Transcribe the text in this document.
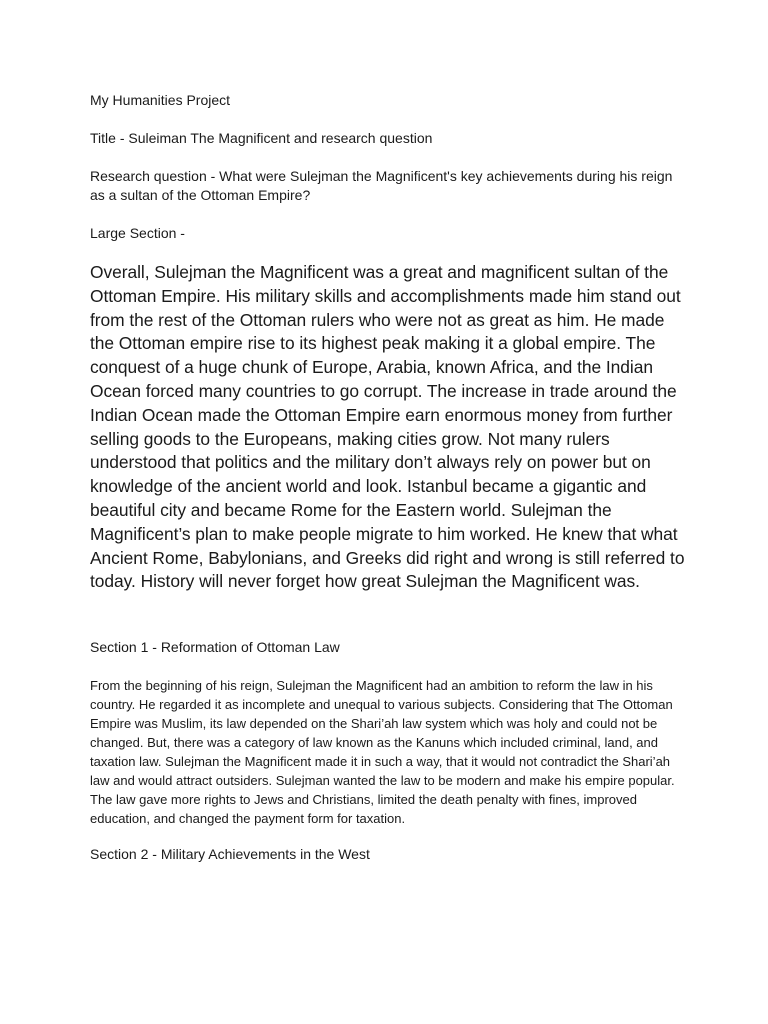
My Humanities Project

Title - Suleiman The Magnificent and research question

Research question - What were Sulejman the Magnificent's key achievements during his reign as a sultan of the Ottoman Empire?

Large Section -

Overall, Sulejman the Magnificent was a great and magnificent sultan of the Ottoman Empire. His military skills and accomplishments made him stand out from the rest of the Ottoman rulers who were not as great as him. He made the Ottoman empire rise to its highest peak making it a global empire. The conquest of a huge chunk of Europe, Arabia, known Africa, and the Indian Ocean forced many countries to go corrupt. The increase in trade around the Indian Ocean made the Ottoman Empire earn enormous money from further selling goods to the Europeans, making cities grow. Not many rulers understood that politics and the military don’t always rely on power but on knowledge of the ancient world and look. Istanbul became a gigantic and beautiful city and became Rome for the Eastern world. Sulejman the Magnificent’s plan to make people migrate to him worked. He knew that what Ancient Rome, Babylonians, and Greeks did right and wrong is still referred to today. History will never forget how great Sulejman the Magnificent was.

Section 1 - Reformation of Ottoman Law

From the beginning of his reign, Sulejman the Magnificent had an ambition to reform the law in his country. He regarded it as incomplete and unequal to various subjects. Considering that The Ottoman Empire was Muslim, its law depended on the Shari’ah law system which was holy and could not be changed. But, there was a category of law known as the Kanuns which included criminal, land, and taxation law. Sulejman the Magnificent made it in such a way, that it would not contradict the Shari’ah law and would attract outsiders. Sulejman wanted the law to be modern and make his empire popular. The law gave more rights to Jews and Christians, limited the death penalty with fines, improved education, and changed the payment form for taxation.

Section 2 - Military Achievements in the West
